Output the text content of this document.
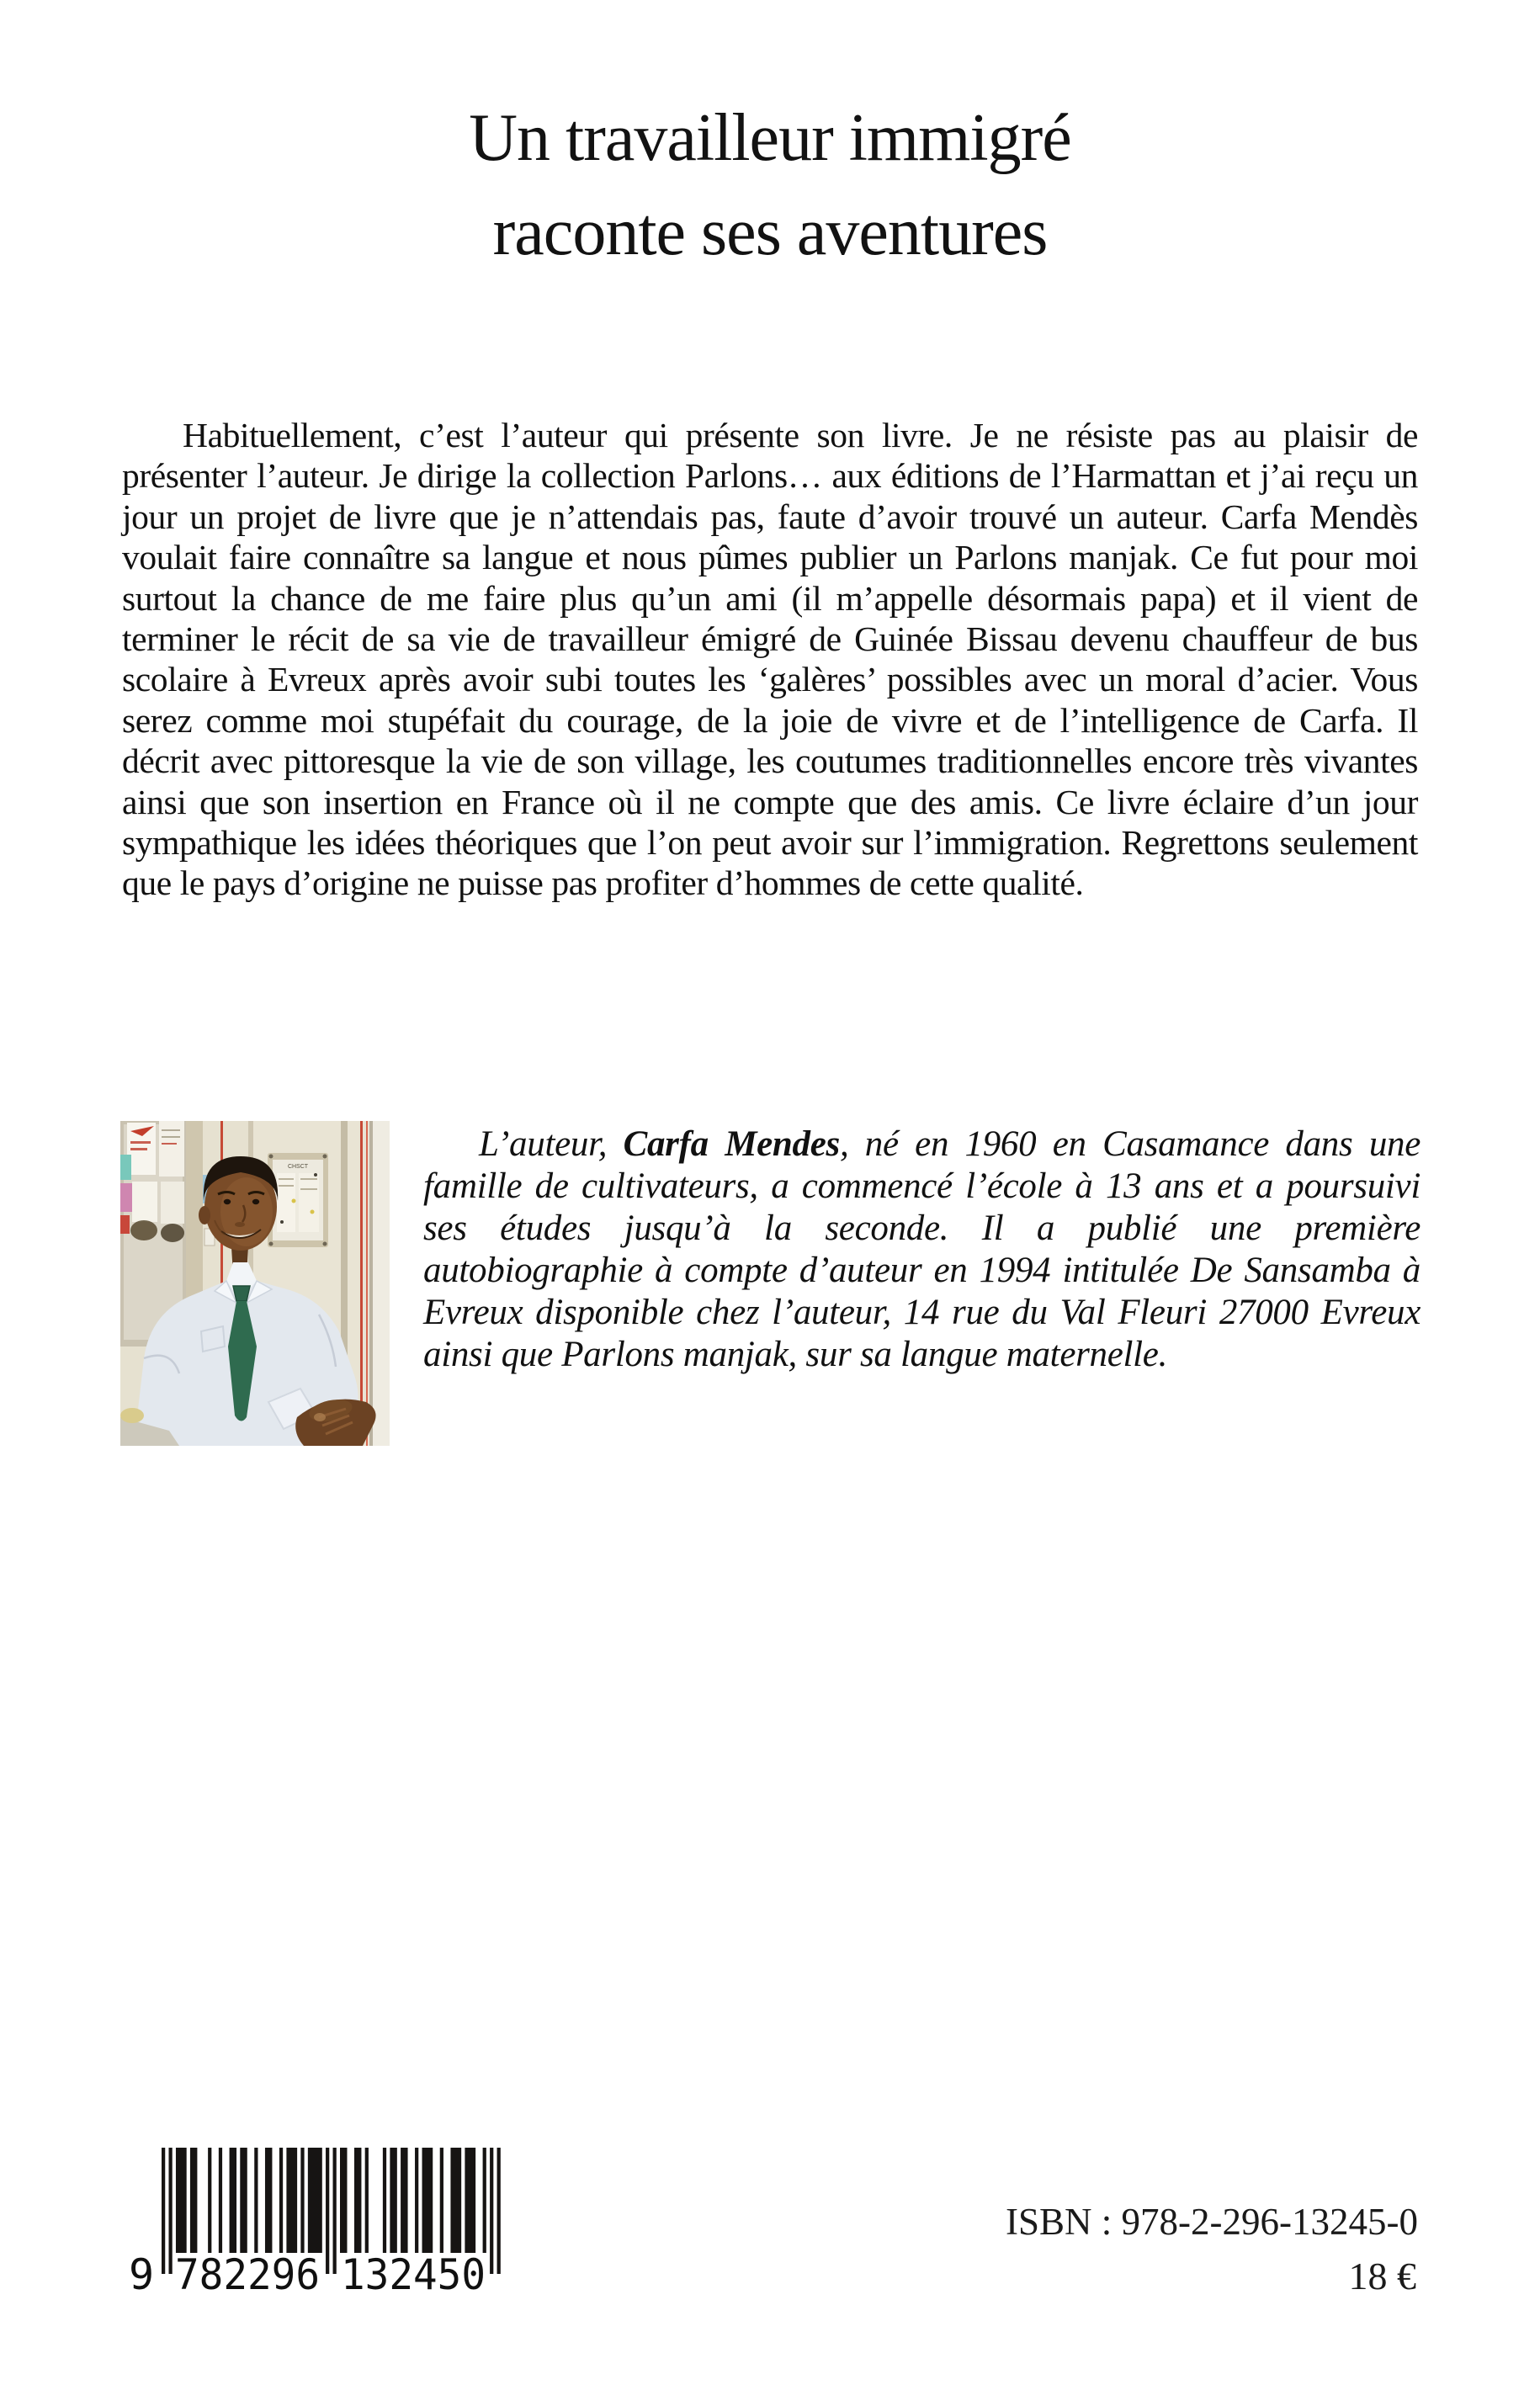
Un travailleur immigré
raconte ses aventures

Habituellement, c’est l’auteur qui présente son livre. Je ne résiste pas au plaisir de présenter l’auteur. Je dirige la collection Parlons… aux éditions de l’Harmattan et j’ai reçu un jour un projet de livre que je n’attendais pas, faute d’avoir trouvé un auteur. Carfa Mendès voulait faire connaître sa langue et nous pûmes publier un Parlons manjak. Ce fut pour moi surtout la chance de me faire plus qu’un ami (il m’appelle désormais papa) et il vient de terminer le récit de sa vie de travailleur émigré de Guinée Bissau devenu chauffeur de bus scolaire à Evreux après avoir subi toutes les ‘galères’ possibles avec un moral d’acier. Vous serez comme moi stupéfait du courage, de la joie de vivre et de l’intelligence de Carfa. Il décrit avec pittoresque la vie de son village, les coutumes traditionnelles encore très vivantes ainsi que son insertion en France où il ne compte que des amis. Ce livre éclaire d’un jour sympathique les idées théoriques que l’on peut avoir sur l’immigration. Regrettons seulement que le pays d’origine ne puisse pas profiter d’hommes de cette qualité.

CHSCT

L’auteur, Carfa Mendes, né en 1960 en Casamance dans une famille de cultivateurs, a commencé l’école à 13 ans et a poursuivi ses études jusqu’à la seconde. Il a publié une première autobiographie à compte d’auteur en 1994 intitulée De Sansamba à Evreux disponible chez l’auteur, 14 rue du Val Fleuri 27000 Evreux ainsi que Parlons manjak, sur sa langue maternelle.

9 782296 132450
ISBN : 978-2-296-13245-0
18 €
